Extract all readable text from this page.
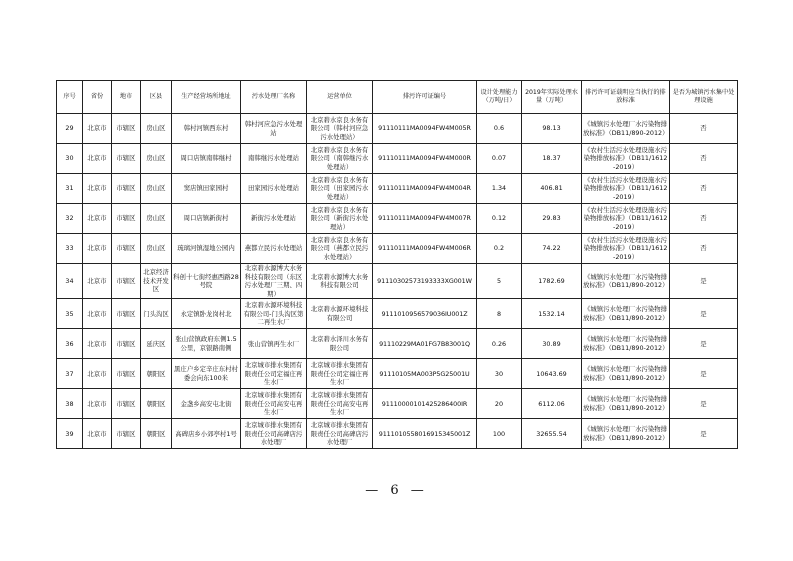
序号	省份	地市	区县	生产经营场所地址	污水处理厂名称	运营单位	排污许可证编号	设计处理能力（万吨/日）	2019年实际处理水量（万吨）	排污许可证载明应当执行的排放标准	是否为城镇污水集中处理设施
29	北京市	市辖区	房山区	韩村河镇西东村	韩村河应急污水处理站	北京碧水京良水务有限公司（韩村河应急污水处理站）	91110111MA0094FW4M005R	0.6	98.13	《城镇污水处理厂水污染物排放标准》（DB11/890-2012）	否
30	北京市	市辖区	房山区	周口店镇南韩继村	南韩继污水处理站	北京碧水京良水务有限公司（南韩继污水处理站）	91110111MA0094FW4M000R	0.07	18.37	《农村生活污水处理设施水污染物排放标准》（DB11/1612-2019）	否
31	北京市	市辖区	房山区	窦店镇田家园村	田家园污水处理站	北京碧水京良水务有限公司（田家园污水处理站）	91110111MA0094FW4M004R	1.34	406.81	《农村生活污水处理设施水污染物排放标准》（DB11/1612-2019）	否
32	北京市	市辖区	房山区	周口店镇新街村	新街污水处理站	北京碧水京良水务有限公司（新街污水处理站）	91110111MA0094FW4M007R	0.12	29.83	《农村生活污水处理设施水污染物排放标准》（DB11/1612-2019）	否
33	北京市	市辖区	房山区	琉璃河镇湿地公园内	燕都立民污水处理站	北京碧水京良水务有限公司（燕都立民污水处理站）	91110111MA0094FW4M006R	0.2	74.22	《农村生活污水处理设施水污染物排放标准》（DB11/1612-2019）	否
34	北京市	市辖区	北京经济技术开发区	科创十七街经惠西路28号院	北京碧水源博大水务科技有限公司（东区污水处理厂三期、四期）	北京碧水源博大水务科技有限公司	91110302573193333XG001W	5	1782.69	《城镇污水处理厂水污染物排放标准》（DB11/890-2012）	是
35	北京市	市辖区	门头沟区	永定镇卧龙岗村北	北京碧水源环境科技有限公司-门头沟区第二再生水厂	北京碧水源环境科技有限公司	9111010956579036IU001Z	8	1532.14	《城镇污水处理厂水污染物排放标准》（DB11/890-2012）	是
36	北京市	市辖区	延庆区	张山营镇政府东侧1.5公里，京银路南侧	张山营镇再生水厂	北京碧水泽川水务有限公司	91110229MA01FG7B83001Q	0.26	30.89	《城镇污水处理厂水污染物排放标准》（DB11/890-2012）	是
37	北京市	市辖区	朝阳区	黑庄户乡定辛庄东村村委会向东100米	北京城市排水集团有限责任公司定福庄再生水厂	北京城市排水集团有限责任公司定福庄再生水厂	91110105MA003P5G25001U	30	10643.69	《城镇污水处理厂水污染物排放标准》（DB11/890-2012）	是
38	北京市	市辖区	朝阳区	金盏乡高安屯北街	北京城市排水集团有限责任公司高安屯再生水厂	北京城市排水集团有限责任公司高安屯再生水厂	91110000101425286400IR	20	6112.06	《城镇污水处理厂水污染物排放标准》（DB11/890-2012）	是
39	北京市	市辖区	朝阳区	高碑店乡小郊亭村1号	北京城市排水集团有限责任公司高碑店污水处理厂	北京城市排水集团有限责任公司高碑店污水处理厂	9111010558016915345001Z	100	32655.54	《城镇污水处理厂水污染物排放标准》（DB11/890-2012）	是
— 6 —
